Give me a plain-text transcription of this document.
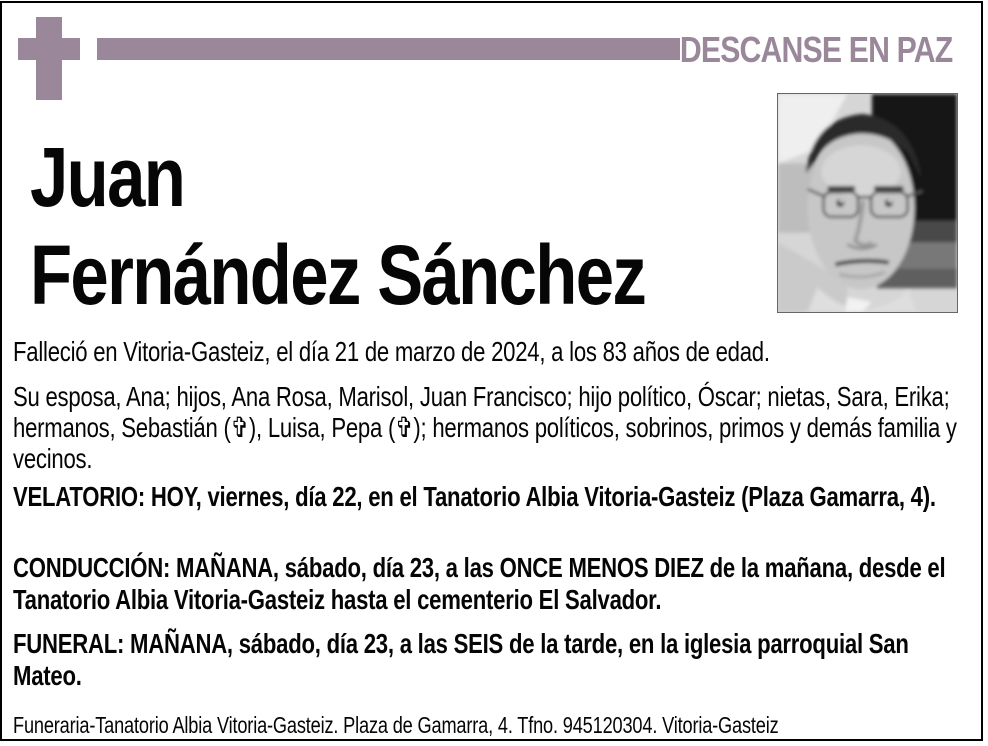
DESCANSE EN PAZ
Juan
Fernández Sánchez

Falleció en Vitoria-Gasteiz, el día 21 de marzo de 2024, a los 83 años de edad.

Su esposa, Ana; hijos, Ana Rosa, Marisol, Juan Francisco; hijo político, Óscar; nietas, Sara, Erika; hermanos, Sebastián (✞), Luisa, Pepa (✞); hermanos políticos, sobrinos, primos y demás familia y vecinos.

VELATORIO: HOY, viernes, día 22, en el Tanatorio Albia Vitoria-Gasteiz (Plaza Gamarra, 4).

CONDUCCIÓN: MAÑANA, sábado, día 23, a las ONCE MENOS DIEZ de la mañana, desde el Tanatorio Albia Vitoria-Gasteiz hasta el cementerio El Salvador.

FUNERAL: MAÑANA, sábado, día 23, a las SEIS de la tarde, en la iglesia parroquial San Mateo.

Funeraria-Tanatorio Albia Vitoria-Gasteiz. Plaza de Gamarra, 4. Tfno. 945120304. Vitoria-Gasteiz
